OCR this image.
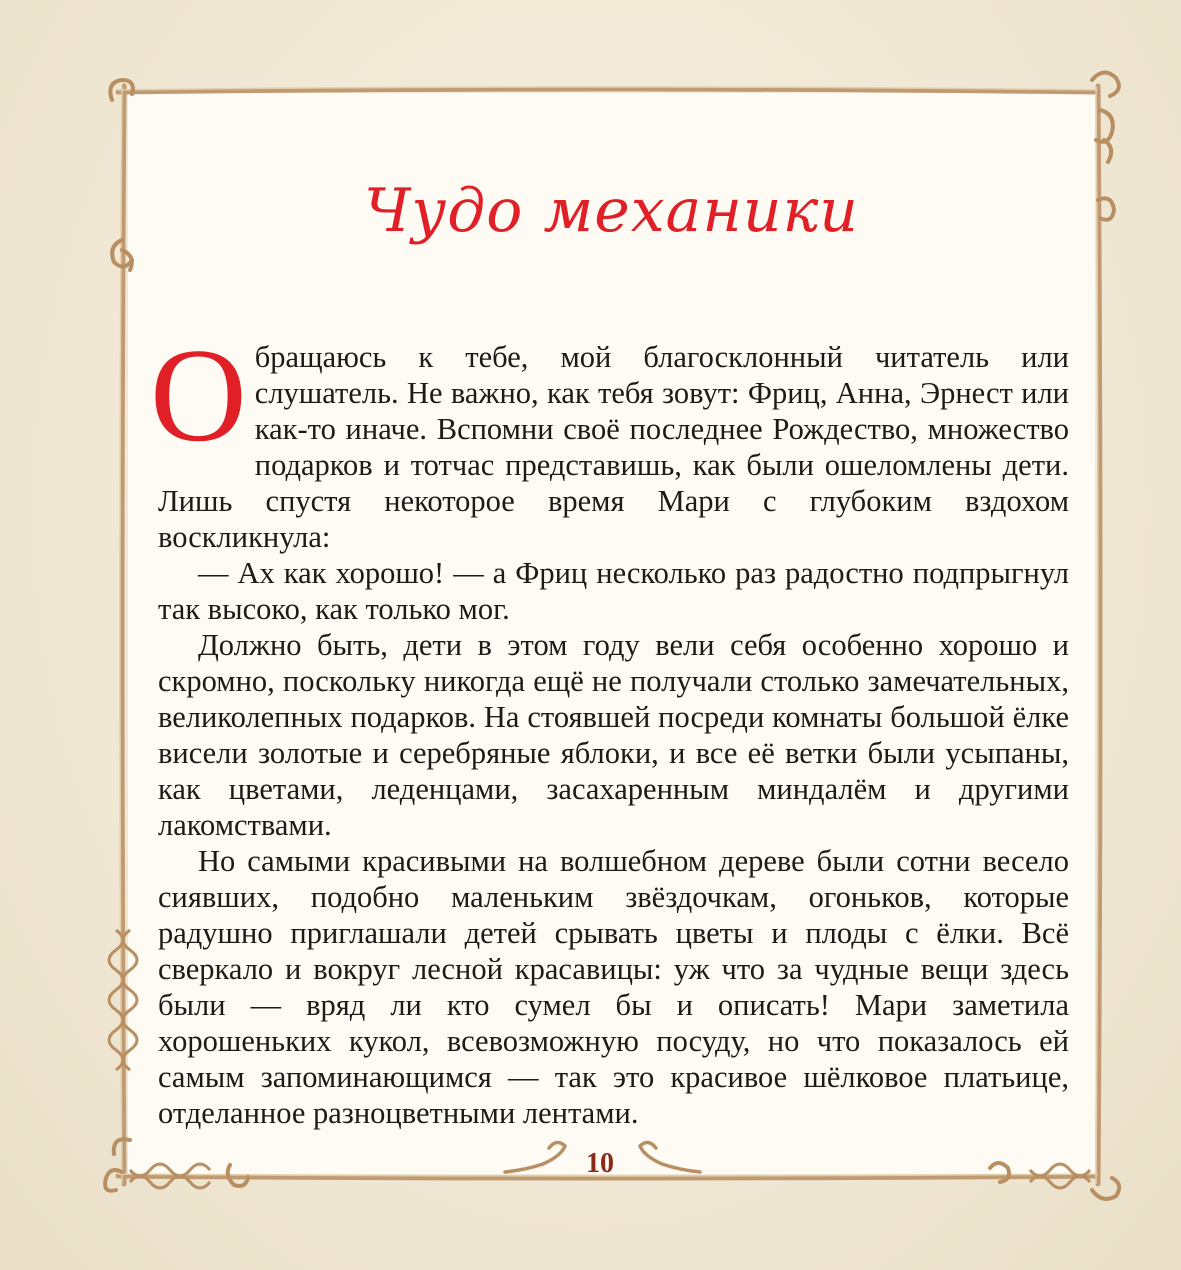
Чудо механики

Обращаюсь к тебе, мой благосклонный читатель или слушатель. Не важно, как тебя зовут: Фриц, Анна, Эрнест или как-то иначе. Вспомни своё последнее Рождество, множество подарков и тотчас представишь, как были ошеломлены дети. Лишь спустя некоторое время Мари с глубоким вздохом воскликнула:

— Ах как хорошо! — а Фриц несколько раз радостно подпрыгнул так высоко, как только мог.

Должно быть, дети в этом году вели себя особенно хорошо и скромно, поскольку никогда ещё не получали столько замечательных, великолепных подарков. На стоявшей посреди комнаты большой ёлке висели золотые и серебряные яблоки, и все её ветки были усыпаны, как цветами, леденцами, засахаренным миндалём и другими лакомствами.

Но самыми красивыми на волшебном дереве были сотни весело сиявших, подобно маленьким звёздочкам, огоньков, которые радушно приглашали детей срывать цветы и плоды с ёлки. Всё сверкало и вокруг лесной красавицы: уж что за чудные вещи здесь были — вряд ли кто сумел бы и описать! Мари заметила хорошеньких кукол, всевозможную посуду, но что показалось ей самым запоминающимся — так это красивое шёлковое платьице, отделанное разноцветными лентами.

10
